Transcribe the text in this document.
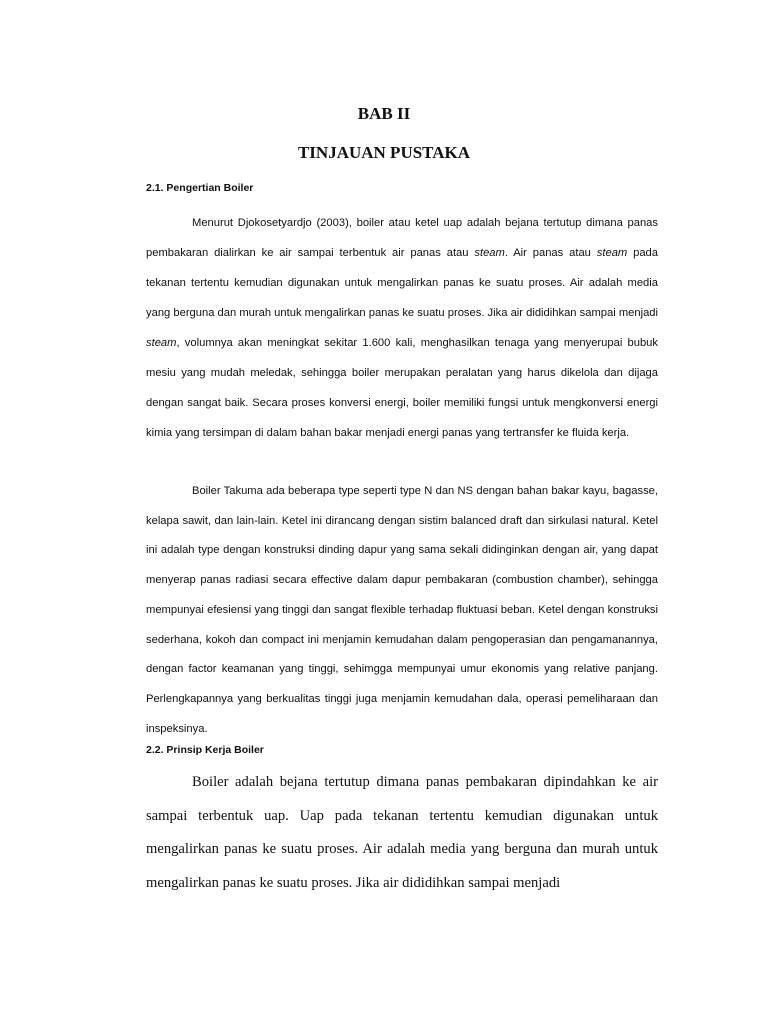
BAB II
TINJAUAN PUSTAKA
2.1. Pengertian Boiler
Menurut Djokosetyardjo (2003), boiler atau ketel uap adalah bejana tertutup dimana panas pembakaran dialirkan ke air sampai terbentuk air panas atau steam. Air panas atau steam pada tekanan tertentu kemudian digunakan untuk mengalirkan panas ke suatu proses. Air adalah media yang berguna dan murah untuk mengalirkan panas ke suatu proses. Jika air dididihkan sampai menjadi steam, volumnya akan meningkat sekitar 1.600 kali, menghasilkan tenaga yang menyerupai bubuk mesiu yang mudah meledak, sehingga boiler merupakan peralatan yang harus dikelola dan dijaga dengan sangat baik. Secara proses konversi energi, boiler memiliki fungsi untuk mengkonversi energi kimia yang tersimpan di dalam bahan bakar menjadi energi panas yang tertransfer ke fluida kerja.
Boiler Takuma ada beberapa type seperti type N dan NS dengan bahan bakar kayu, bagasse, kelapa sawit, dan lain-lain. Ketel ini dirancang dengan sistim balanced draft dan sirkulasi natural. Ketel ini adalah type dengan konstruksi dinding dapur yang sama sekali didinginkan dengan air, yang dapat menyerap panas radiasi secara effective dalam dapur pembakaran (combustion chamber), sehingga mempunyai efesiensi yang tinggi dan sangat flexible terhadap fluktuasi beban. Ketel dengan konstruksi sederhana, kokoh dan compact ini menjamin kemudahan dalam pengoperasian dan pengamanannya, dengan factor keamanan yang tinggi, sehimgga mempunyai umur ekonomis yang relative panjang. Perlengkapannya yang berkualitas tinggi juga menjamin kemudahan dala, operasi pemeliharaan dan inspeksinya.
2.2. Prinsip Kerja Boiler
Boiler adalah bejana tertutup dimana panas pembakaran dipindahkan ke air sampai terbentuk uap. Uap pada tekanan tertentu kemudian digunakan untuk mengalirkan panas ke suatu proses. Air adalah media yang berguna dan murah untuk mengalirkan panas ke suatu proses. Jika air dididihkan sampai menjadi
